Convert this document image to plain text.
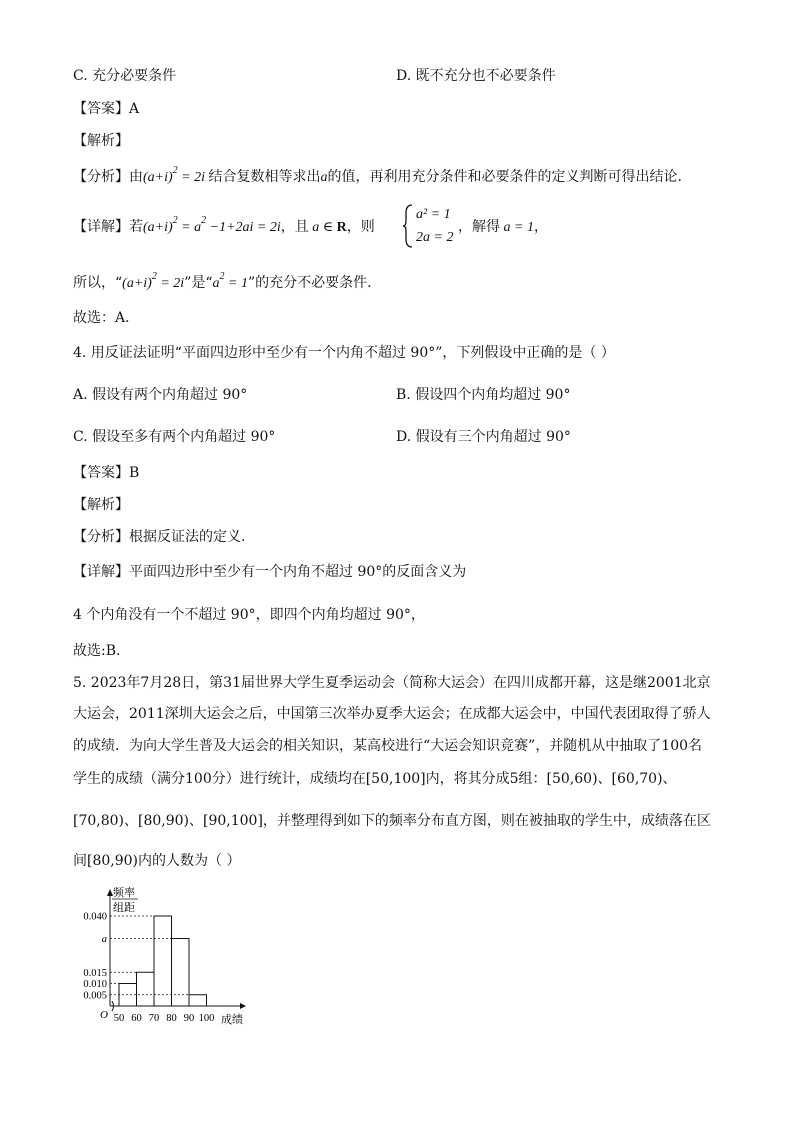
C. 充分必要条件	D. 既不充分也不必要条件
【答案】A
【解析】
【分析】由$(a+i)^2 = 2i$ 结合复数相等求出a的值，再利用充分条件和必要条件的定义判断可得出结论.
【详解】若$(a+i)^2 = a^2 -1+2ai = 2i$，且 a ∈ R，则
a² = 1
2a = 2
，解得 a = 1，
所以，“$(a+i)^2 = 2i$”是“$a^2 = 1$”的充分不必要条件.
故选：A.
4. 用反证法证明“平面四边形中至少有一个内角不超过 90°”，下列假设中正确的是（ ）
A. 假设有两个内角超过 90°	B. 假设四个内角均超过 90°
C. 假设至多有两个内角超过 90°	D. 假设有三个内角超过 90°
【答案】B
【解析】
【分析】根据反证法的定义.
【详解】平面四边形中至少有一个内角不超过 90°的反面含义为
4 个内角没有一个不超过 90°，即四个内角均超过 90°，
故选:B.
5. 2023年7月28日，第31届世界大学生夏季运动会（简称大运会）在四川成都开幕，这是继2001北京
大运会，2011深圳大运会之后，中国第三次举办夏季大运会；在成都大运会中，中国代表团取得了骄人
的成绩．为向大学生普及大运会的相关知识，某高校进行“大运会知识竞赛”，并随机从中抽取了100名
学生的成绩（满分100分）进行统计，成绩均在[50,100]内，将其分成5组：[50,60)、[60,70)、
[70,80)、[80,90)、[90,100]，并整理得到如下的频率分布直方图，则在被抽取的学生中，成绩落在区
间[80,90)内的人数为（ ）
频率
组距
0.040
a
0.015
0.010
0.005
50 60 70 80 90 100
O	成绩
